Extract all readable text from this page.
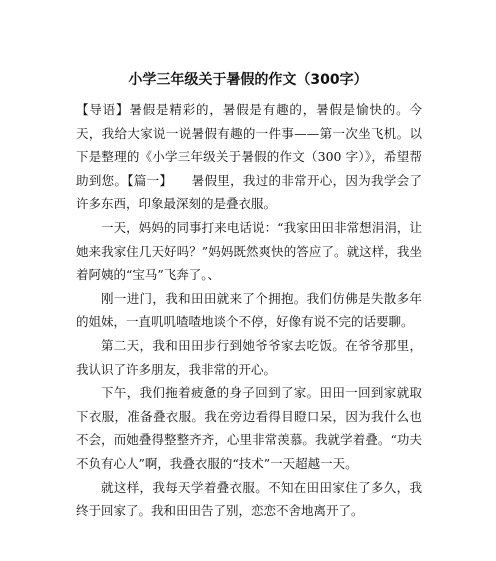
小学三年级关于暑假的作文（300字）

【导语】暑假是精彩的，暑假是有趣的，暑假是愉快的。今天，我给大家说一说暑假有趣的一件事——第一次坐飞机。以下是整理的《小学三年级关于暑假的作文（300 字）》，希望帮助到您。【篇一】　　暑假里，我过的非常开心，因为我学会了许多东西，印象最深刻的是叠衣服。

一天，妈妈的同事打来电话说：“我家田田非常想涓涓，让她来我家住几天好吗？”妈妈既然爽快的答应了。就这样，我坐着阿姨的“宝马”飞奔了。、

刚一进门，我和田田就来了个拥抱。我们仿佛是失散多年的姐妹，一直叽叽喳喳地谈个不停，好像有说不完的话要聊。

第二天，我和田田步行到她爷爷家去吃饭。在爷爷那里，我认识了许多朋友，我非常的开心。

下午，我们拖着疲惫的身子回到了家。田田一回到家就取下衣服，准备叠衣服。我在旁边看得目瞪口呆，因为我什么也不会，而她叠得整整齐齐，心里非常羡慕。我就学着叠。“功夫不负有心人”啊，我叠衣服的“技术”一天超越一天。

就这样，我每天学着叠衣服。不知在田田家住了多久，我终于回家了。我和田田告了别，恋恋不舍地离开了。
